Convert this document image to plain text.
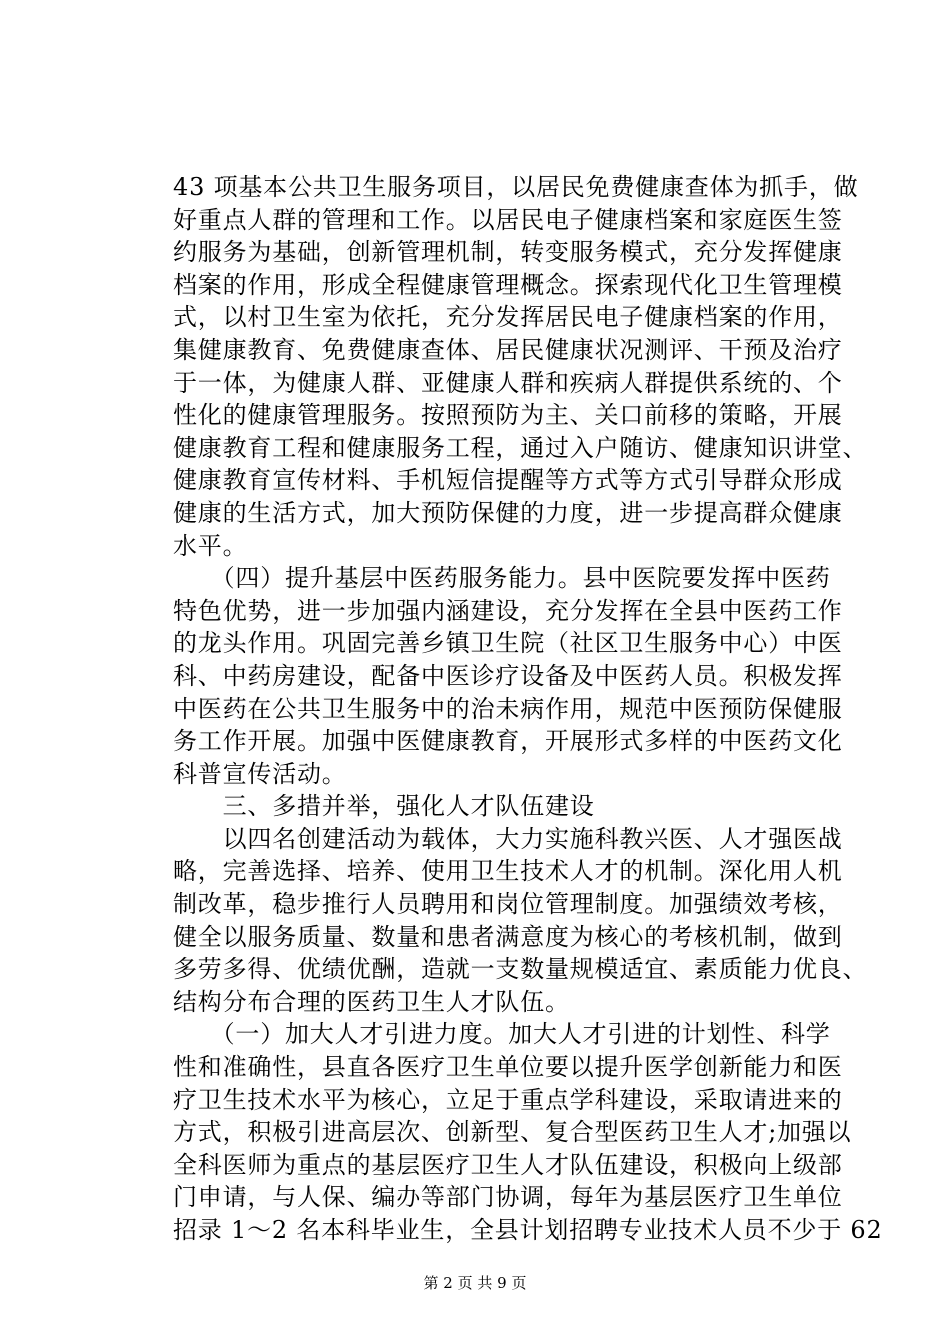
43 项基本公共卫生服务项目，以居民免费健康查体为抓手，做
好重点人群的管理和工作。以居民电子健康档案和家庭医生签
约服务为基础，创新管理机制，转变服务模式，充分发挥健康
档案的作用，形成全程健康管理概念。探索现代化卫生管理模
式，以村卫生室为依托，充分发挥居民电子健康档案的作用，
集健康教育、免费健康查体、居民健康状况测评、干预及治疗
于一体，为健康人群、亚健康人群和疾病人群提供系统的、个
性化的健康管理服务。按照预防为主、关口前移的策略，开展
健康教育工程和健康服务工程，通过入户随访、健康知识讲堂、
健康教育宣传材料、手机短信提醒等方式等方式引导群众形成
健康的生活方式，加大预防保健的力度，进一步提高群众健康
水平。
　　（四）提升基层中医药服务能力。县中医院要发挥中医药
特色优势，进一步加强内涵建设，充分发挥在全县中医药工作
的龙头作用。巩固完善乡镇卫生院（社区卫生服务中心）中医
科、中药房建设，配备中医诊疗设备及中医药人员。积极发挥
中医药在公共卫生服务中的治未病作用，规范中医预防保健服
务工作开展。加强中医健康教育，开展形式多样的中医药文化
科普宣传活动。
　　三、多措并举，强化人才队伍建设
　　以四名创建活动为载体，大力实施科教兴医、人才强医战
略，完善选择、培养、使用卫生技术人才的机制。深化用人机
制改革，稳步推行人员聘用和岗位管理制度。加强绩效考核，
健全以服务质量、数量和患者满意度为核心的考核机制，做到
多劳多得、优绩优酬，造就一支数量规模适宜、素质能力优良、
结构分布合理的医药卫生人才队伍。
　　（一）加大人才引进力度。加大人才引进的计划性、科学
性和准确性，县直各医疗卫生单位要以提升医学创新能力和医
疗卫生技术水平为核心，立足于重点学科建设，采取请进来的
方式，积极引进高层次、创新型、复合型医药卫生人才;加强以
全科医师为重点的基层医疗卫生人才队伍建设，积极向上级部
门申请，与人保、编办等部门协调，每年为基层医疗卫生单位
招录 1～2 名本科毕业生，全县计划招聘专业技术人员不少于 62
第 2 页 共 9 页
